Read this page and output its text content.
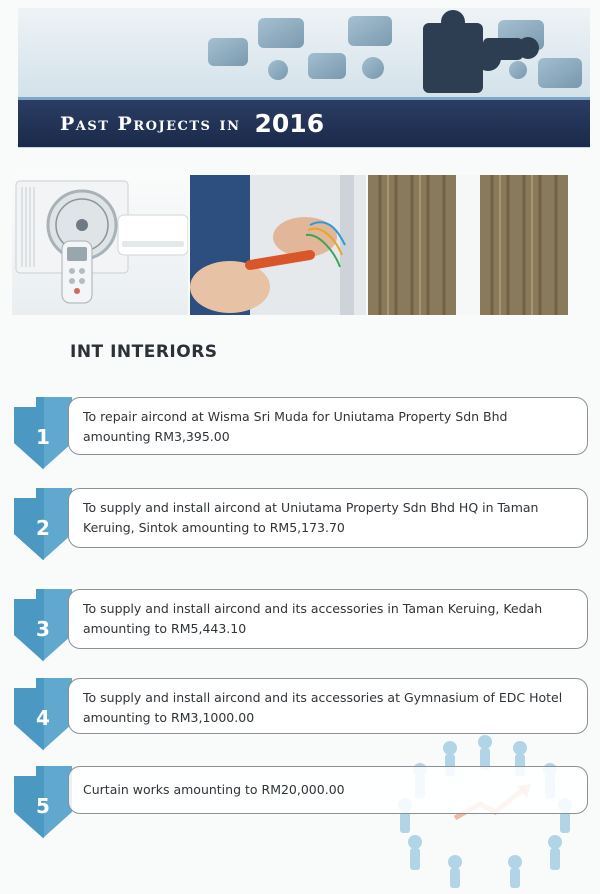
Past Projects in 2016
INT INTERIORS
1
To repair aircond at Wisma Sri Muda for Uniutama Property Sdn Bhd amounting RM3,395.00
2
To supply and install aircond at Uniutama Property Sdn Bhd HQ in Taman Keruing, Sintok amounting to RM5,173.70
3
To supply and install aircond and its accessories in Taman Keruing, Kedah amounting to RM5,443.10
4
To supply and install aircond and its accessories at Gymnasium of EDC Hotel amounting to RM3,1000.00
5
Curtain works amounting to RM20,000.00
